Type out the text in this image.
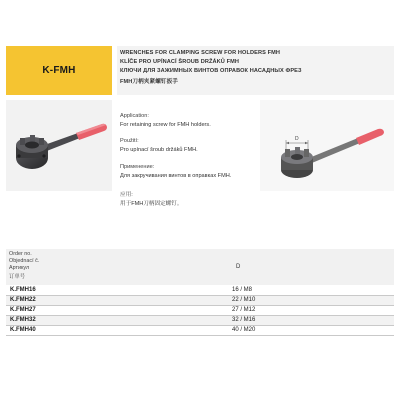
K-FMH
WRENCHES FOR CLAMPING SCREW FOR HOLDERS FMH
KLÍČE PRO UPÍNACÍ ŠROUB DRŽÁKŮ FMH
КЛЮЧИ ДЛЯ ЗАЖИМНЫХ ВИНТОВ ОПРАВОК НАСАДНЫХ ФРЕЗ
FMH刀柄夹紧螺钉扳手
Application:
For retaining screw for FMH holders.
Použití:
Pro upínací šroub držáků FMH.
Применение:
Для закручивания винтов в оправках FMH.
应用:
用于FMH刀柄固定螺钉。
D
Order no.
Objednací č.
Артикул
订单号
D
K.FMH16	16 / M8
K.FMH22	22 / M10
K.FMH27	27 / M12
K.FMH32	32 / M16
K.FMH40	40 / M20
